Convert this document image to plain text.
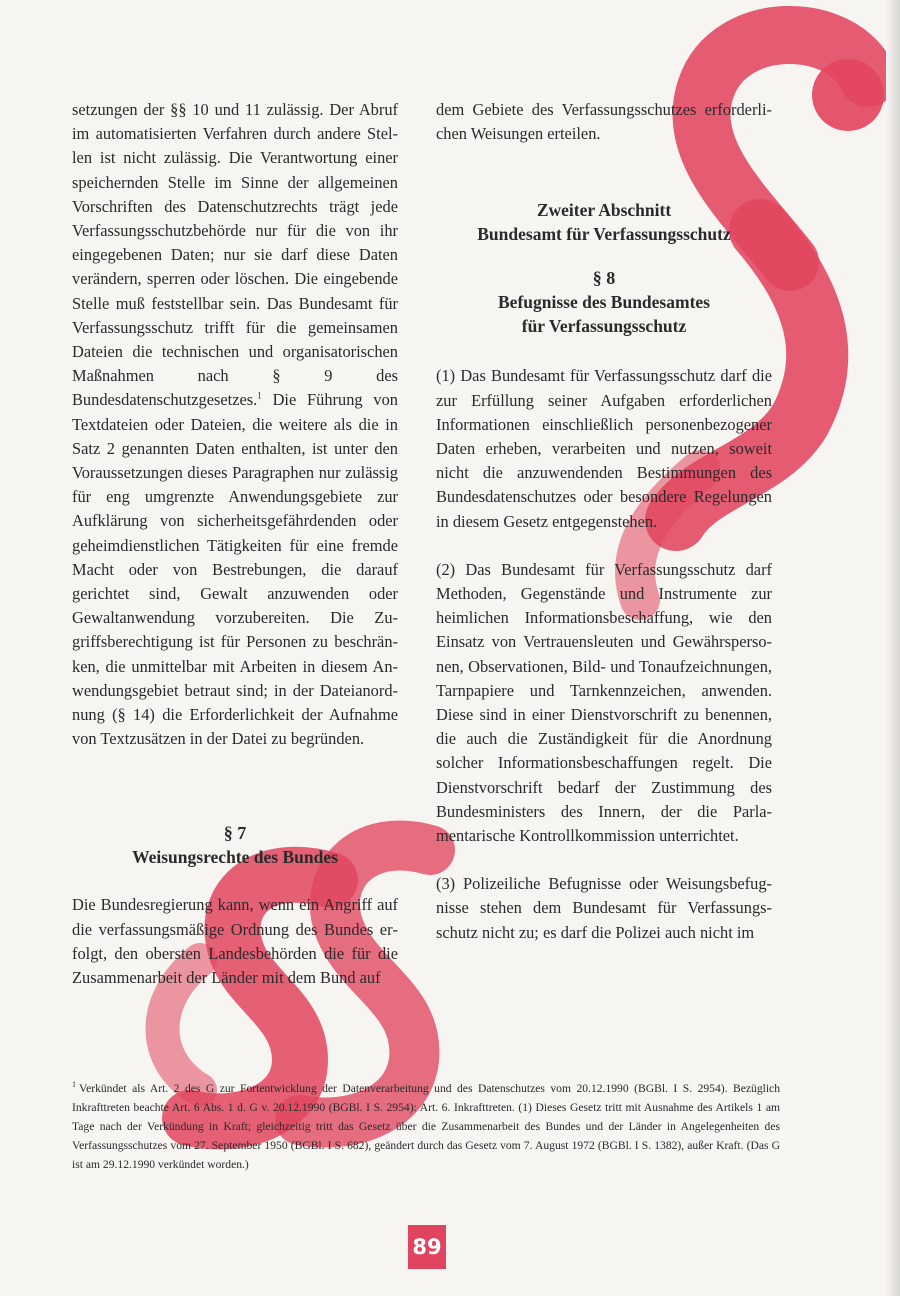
setzungen der §§ 10 und 11 zulässig. Der Abruf im automatisierten Verfahren durch andere Stellen ist nicht zulässig. Die Verantwortung einer speichernden Stelle im Sinne der allgemeinen Vorschriften des Datenschutzrechts trägt jede Verfassungsschutzbehörde nur für die von ihr eingegebenen Daten; nur sie darf diese Daten verändern, sperren oder löschen. Die eingebende Stelle muß feststellbar sein. Das Bundesamt für Verfassungsschutz trifft für die gemeinsamen Dateien die technischen und organisatorischen Maßnahmen nach § 9 des Bundesdatenschutzgesetzes.$^1$ Die Führung von Textdateien oder Dateien, die weitere als die in Satz 2 genannten Daten enthalten, ist unter den Voraussetzungen dieses Paragraphen nur zulässig für eng umgrenzte Anwendungsgebiete zur Aufklärung von sicherheitsgefährdenden oder geheimdienstlichen Tätigkeiten für eine fremde Macht oder von Bestrebungen, die darauf gerichtet sind, Gewalt anzuwenden oder Gewaltanwendung vorzubereiten. Die Zugriffsberechtigung ist für Personen zu beschränken, die unmittelbar mit Arbeiten in diesem Anwendungsgebiet betraut sind; in der Dateianordnung (§ 14) die Erforderlichkeit der Aufnahme von Textzusätzen in der Datei zu begründen.

§ 7
Weisungsrechte des Bundes

Die Bundesregierung kann, wenn ein Angriff auf die verfassungsmäßige Ordnung des Bundes erfolgt, den obersten Landesbehörden die für die Zusammenarbeit der Länder mit dem Bund auf

dem Gebiete des Verfassungsschutzes erforderlichen Weisungen erteilen.

Zweiter Abschnitt
Bundesamt für Verfassungsschutz
§ 8
Befugnisse des Bundesamtes
für Verfassungsschutz

(1) Das Bundesamt für Verfassungsschutz darf die zur Erfüllung seiner Aufgaben erforderlichen Informationen einschließlich personenbezogener Daten erheben, verarbeiten und nutzen, soweit nicht die anzuwendenden Bestimmungen des Bundesdatenschutzes oder besondere Regelungen in diesem Gesetz entgegenstehen.

(2) Das Bundesamt für Verfassungsschutz darf Methoden, Gegenstände und Instrumente zur heimlichen Informationsbeschaffung, wie den Einsatz von Vertrauensleuten und Gewährspersonen, Observationen, Bild- und Tonaufzeichnungen, Tarnpapiere und Tarnkennzeichen, anwenden. Diese sind in einer Dienstvorschrift zu benennen, die auch die Zuständigkeit für die Anordnung solcher Informationsbeschaffungen regelt. Die Dienstvorschrift bedarf der Zustimmung des Bundesministers des Innern, der die Parlamentarische Kontrollkommission unterrichtet.

(3) Polizeiliche Befugnisse oder Weisungsbefugnisse stehen dem Bundesamt für Verfassungsschutz nicht zu; es darf die Polizei auch nicht im

$^1$ Verkündet als Art. 2 des G zur Fortentwicklung der Datenverarbeitung und des Datenschutzes vom 20.12.1990 (BGBl. I S. 2954). Bezüglich Inkrafttreten beachte Art. 6 Abs. 1 d. G v. 20.12.1990 (BGBl. I S. 2954): Art. 6. Inkrafttreten. (1) Dieses Gesetz tritt mit Ausnahme des Artikels 1 am Tage nach der Verkündung in Kraft; gleichzeitig tritt das Gesetz über die Zusammenarbeit des Bundes und der Länder in Angelegenheiten des Verfassungsschutzes vom 27. September 1950 (BGBl. I S. 682), geändert durch das Gesetz vom 7. August 1972 (BGBl. I S. 1382), außer Kraft. (Das G ist am 29.12.1990 verkündet worden.)
89
